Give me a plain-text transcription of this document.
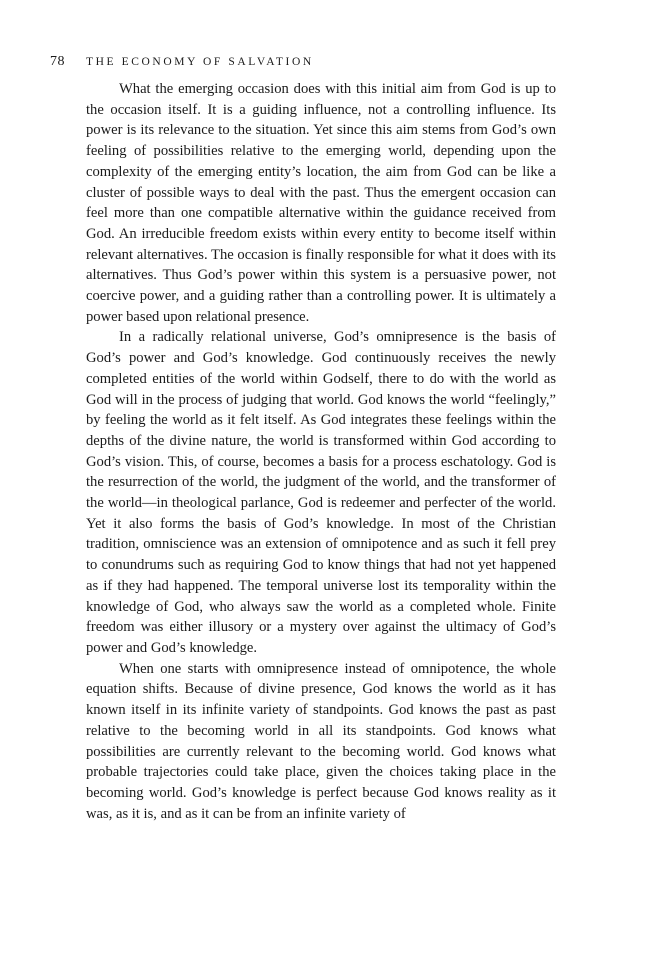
78 THE ECONOMY OF SALVATION

What the emerging occasion does with this initial aim from God is up to the occasion itself. It is a guiding influence, not a controlling influence. Its power is its relevance to the situation. Yet since this aim stems from God’s own feeling of possibilities relative to the emerging world, depending upon the complexity of the emerging entity’s location, the aim from God can be like a cluster of possible ways to deal with the past. Thus the emergent occasion can feel more than one compatible alternative within the guidance received from God. An irreducible freedom exists within every entity to become itself within relevant alternatives. The occasion is finally responsible for what it does with its alternatives. Thus God’s power within this system is a persuasive power, not coercive power, and a guiding rather than a controlling power. It is ultimately a power based upon relational presence.

In a radically relational universe, God’s omnipresence is the basis of God’s power and God’s knowledge. God continuously receives the newly completed entities of the world within Godself, there to do with the world as God will in the process of judging that world. God knows the world “feelingly,” by feeling the world as it felt itself. As God integrates these feelings within the depths of the divine nature, the world is transformed within God according to God’s vision. This, of course, becomes a basis for a process eschatology. God is the resurrection of the world, the judgment of the world, and the transformer of the world—in theological parlance, God is redeemer and perfecter of the world. Yet it also forms the basis of God’s knowledge. In most of the Christian tradition, omniscience was an extension of omnipotence and as such it fell prey to conundrums such as requiring God to know things that had not yet happened as if they had happened. The temporal universe lost its temporality within the knowledge of God, who always saw the world as a completed whole. Finite freedom was either illusory or a mystery over against the ultimacy of God’s power and God’s knowledge.

When one starts with omnipresence instead of omnipotence, the whole equation shifts. Because of divine presence, God knows the world as it has known itself in its infinite variety of standpoints. God knows the past as past relative to the becoming world in all its standpoints. God knows what possibilities are currently relevant to the becoming world. God knows what probable trajectories could take place, given the choices taking place in the becoming world. God’s knowledge is perfect because God knows reality as it was, as it is, and as it can be from an infinite variety of
